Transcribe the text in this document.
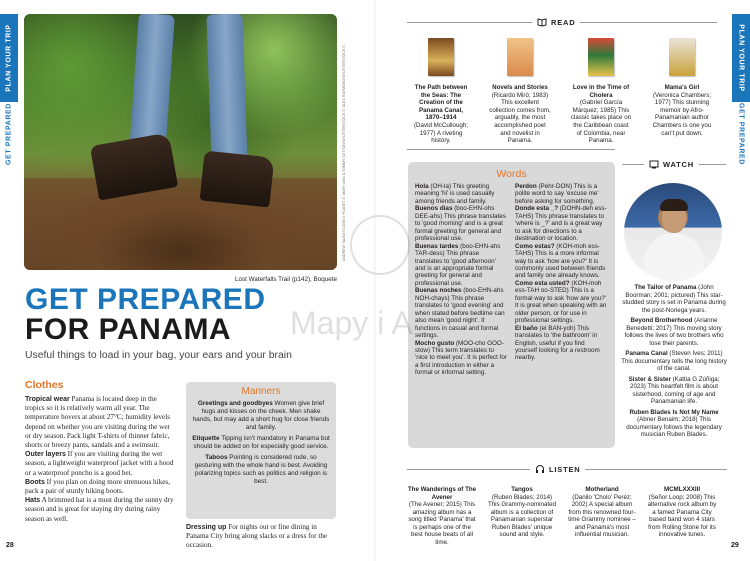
PLAN YOUR TRIP
GET PREPARED	ANDREW TALBOT/LONELY PLANET ©; MARY ANN & TOMMY SUTTON/SHUTTERSTOCK ©; ALEX RAYMOND/SHUTTERSTOCK ©
Lost Waterfalls Trail (p142), Boquete
GET PREPARED
FOR PANAMA
Useful things to load in your bag, your ears and your brain
Clothes

Tropical wear Panama is located deep in the tropics so it is relatively warm all year. The temperature hovers at about 27°C; humidity levels depend on whether you are visiting during the wet or dry season. Pack light T-shirts of thinner fabric, shorts or breezy pants, sandals and a swimsuit.

Outer layers If you are visiting during the wet season, a lightweight waterproof jacket with a hood or a waterproof poncho is a good bet.

Boots If you plan on doing more strenuous hikes, pack a pair of sturdy hiking boots.

Hats A brimmed hat is a must during the sunny dry season and is great for staying dry during rainy season as well.

Manners

Greetings and goodbyes Women give brief hugs and kisses on the cheek. Men shake hands, but may add a short hug for close friends and family.

Etiquette Tipping isn't mandatory in Panama but should be added on for especially good service.

Taboos Pointing is considered rude, so gesturing with the whole hand is best. Avoiding polarizing topics such as politics and religion is best.

Dressing up For nights out or fine dining in Panama City bring along slacks or a dress for the occasion.
28
PLAN YOUR TRIP
GET PREPARED
READ
The Path between the Seas: The Creation of the Panama Canal, 1870–1914
(David McCullough; 1977) A riveting history.
Novels and Stories
(Ricardo Miró; 1983) This excellent collection comes from, arguably, the most accomplished poet and novelist in Panama.
Love in the Time of Cholera
(Gabriel García Márquez; 1985) This classic takes place on the Caribbean coast of Colombia, near Panama.
Mama's Girl
(Veronica Chambers; 1977) This stunning memoir by Afro-Panamanian author Chambers is one you can't put down.
Words

Hola (OH-la) This greeting meaning 'hi' is used casually among friends and family.

Buenos dias (boo-EHN-ohs DEE-ahs) This phrase translates to 'good morning' and is a great formal greeting for general and professional use.

Buenas tardes (boo-EHN-ahs TAR-dess) This phrase translates to 'good afternoon' and is an appropriate formal greeting for general and professional use.

Buenas noches (boo-EHN-ahs NOH-chays) This phrase translates to 'good evening' and when stated before bedtime can also mean 'good night'. It functions in casual and formal settings.

Mocho gusto (MOO-cho GOO-stow) This term translates to 'nice to meet you'. It is perfect for a first introduction in either a formal or informal setting.

Perdon (Pehr-DON) This is a polite word to say 'excuse me' before asking for something.

Donde esta _? (DOHN-deh ess-TAHS) This phrase translates to 'where is _?' and is a great way to ask for directions to a destination or location.

Como estas? (KOH-moh ess-TAHS) This is a more informal way to ask 'how are you?' It is commonly used between friends and family one already knows.

Como esta usted? (KOH-moh ess-TAH oo-STED) This is a formal way to ask 'how are you?' It is great when speaking with an older person, or for use in professional settings.

El baño (el BAN-yoh) This translates to 'the bathroom' in English, useful if you find yourself looking for a restroom nearby.

WATCH

The Tailor of Panama (John Boorman; 2001; pictured) This star-studded story is set in Panama during the post-Noriega years.

Beyond Brotherhood (Arianne Benedetti; 2017) This moving story follows the lives of two brothers who lose their parents.

Panama Canal (Steven Ives; 2011) This documentary tells the long history of the canal.

Sister & Sister (Kattia G Zúñiga; 2023) This heartfelt film is about sisterhood, coming of age and Panamanian life.

Ruben Blades Is Not My Name (Abner Benaim; 2018) This documentary follows the legendary musician Ruben Blades.

LISTEN
The Wanderings of The Avener
(The Avener; 2015) This amazing album has a song titled 'Panama' that is perhaps one of the best house beats of all time.
Tangos
(Ruben Blades; 2014) This Grammy-nominated album is a collection of Panamanian superstar Ruben Blades' unique sound and style.
Motherland
(Danilo 'Cholo' Peréz; 2002) A special album from this renowned four-time Grammy nominee – and Panama's most influential musician.
MCMLXXXIII
(Señor Loop; 2008) This alternative rock album by a famed Panama City based band won 4 stars from Rolling Stone for its innovative tunes.
29
Mapy i A
